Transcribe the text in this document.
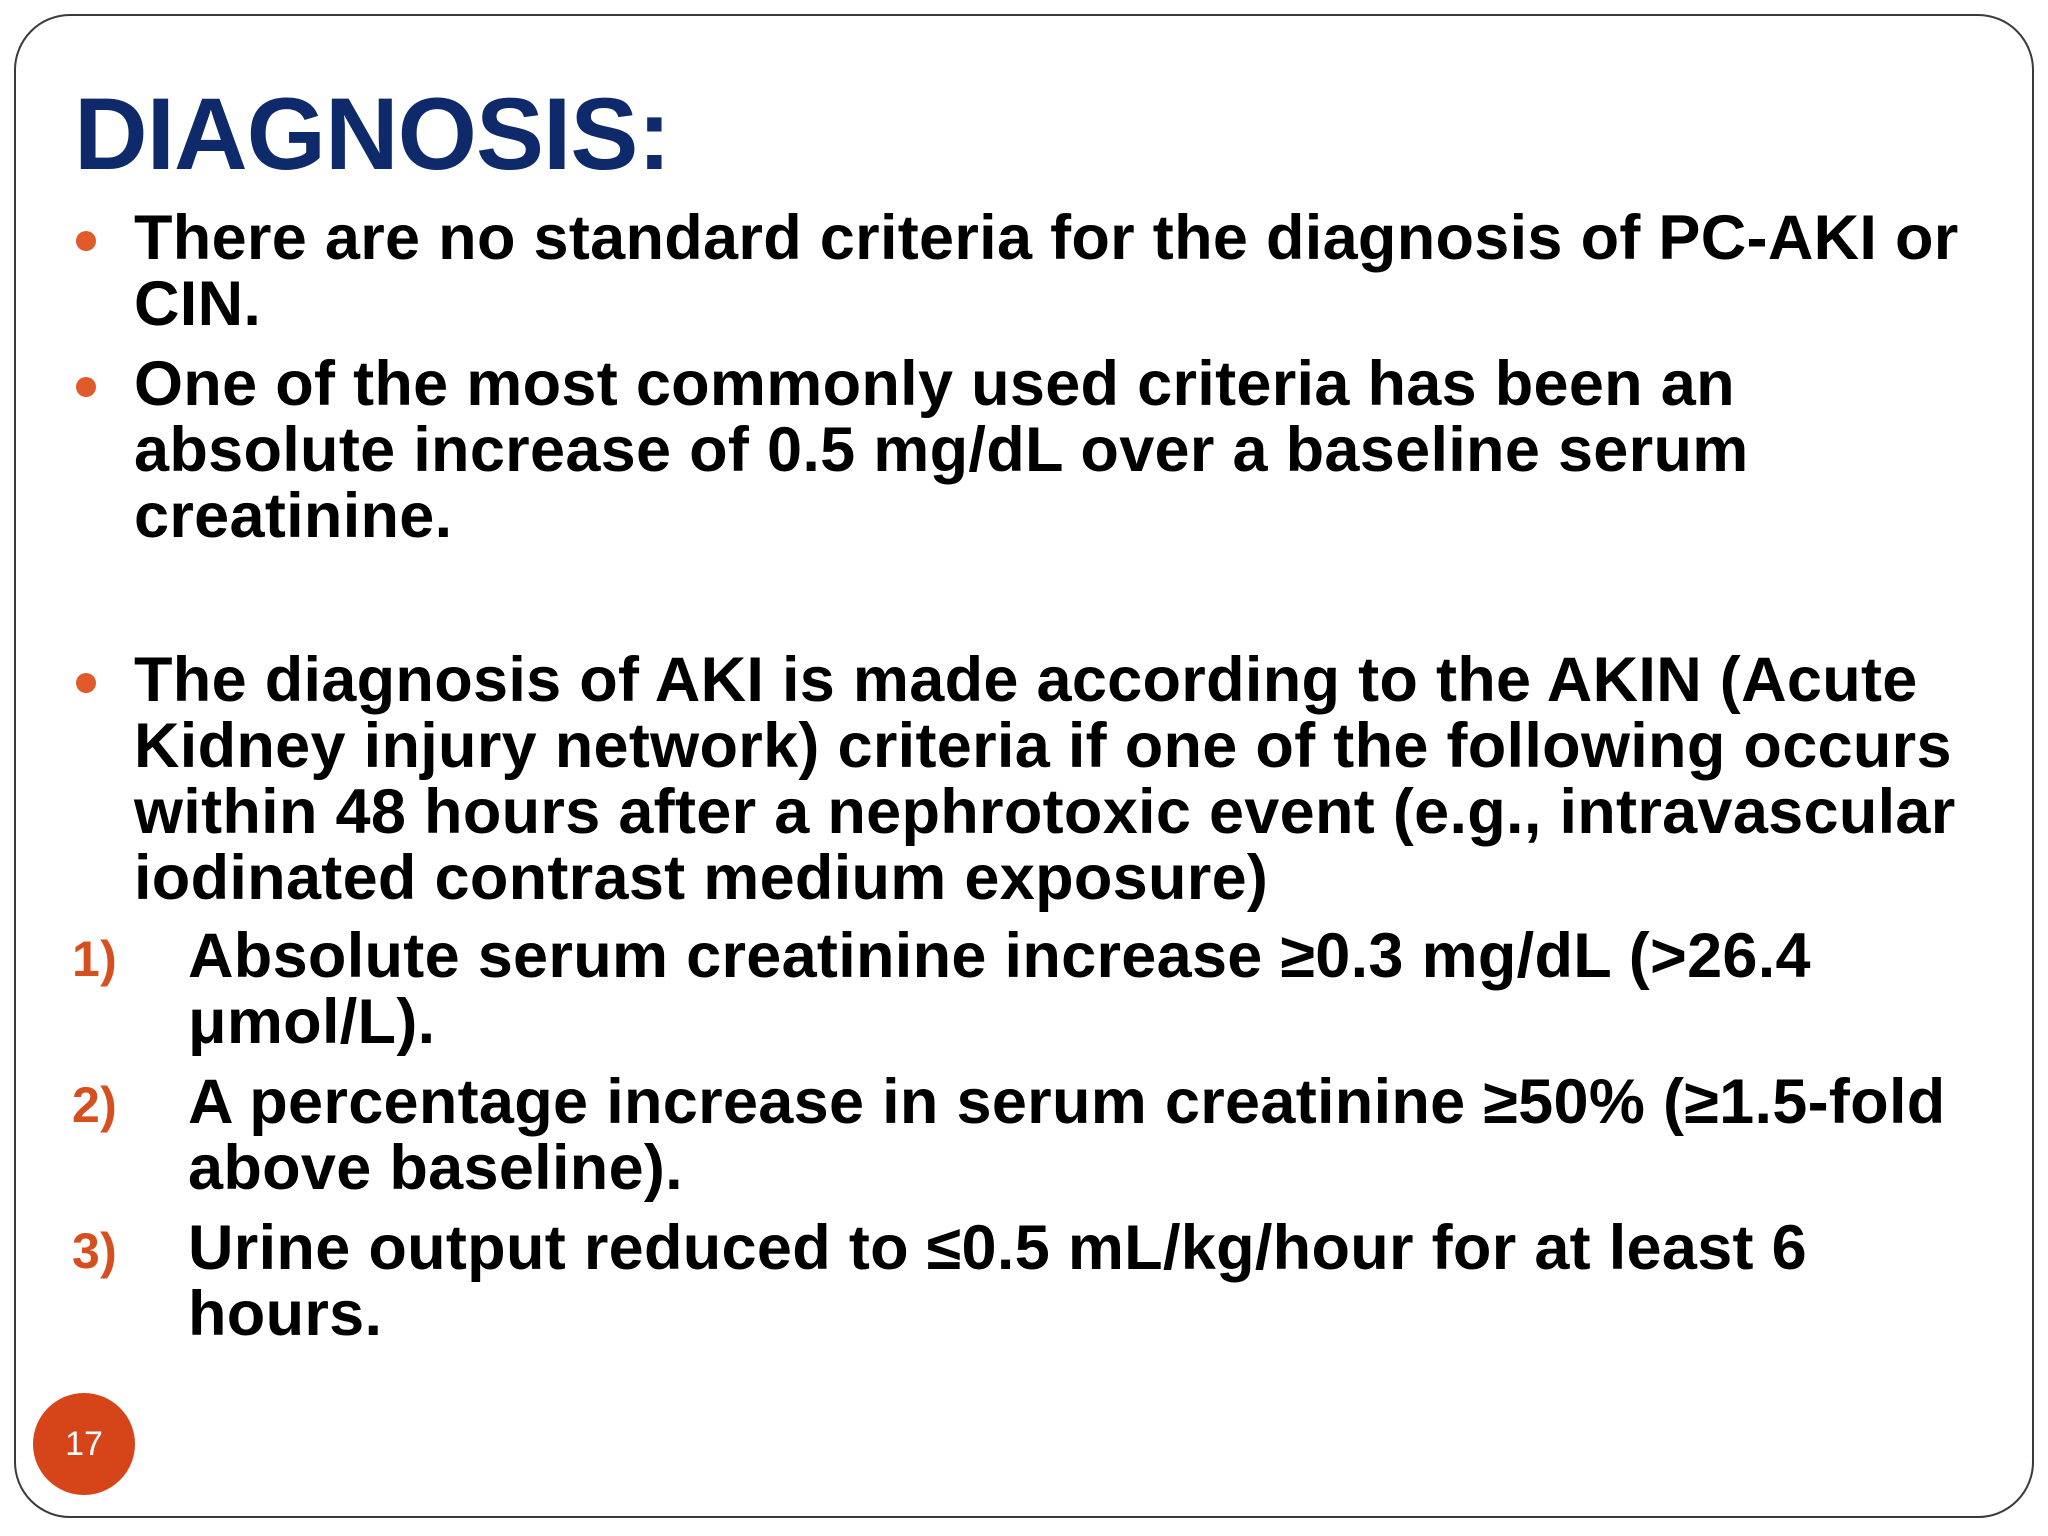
DIAGNOSIS:
There are no standard criteria for the diagnosis of PC-AKI or CIN.
One of the most commonly used criteria has been an absolute increase of 0.5 mg/dL over a baseline serum creatinine.
The diagnosis of AKI is made according to the AKIN (Acute Kidney injury network) criteria if one of the following occurs within 48 hours after a nephrotoxic event (e.g., intravascular iodinated contrast medium exposure)
1) Absolute serum creatinine increase ≥0.3 mg/dL (>26.4 μmol/L).
2) A percentage increase in serum creatinine ≥50% (≥1.5-fold above baseline).
3) Urine output reduced to ≤0.5 mL/kg/hour for at least 6 hours.
17
